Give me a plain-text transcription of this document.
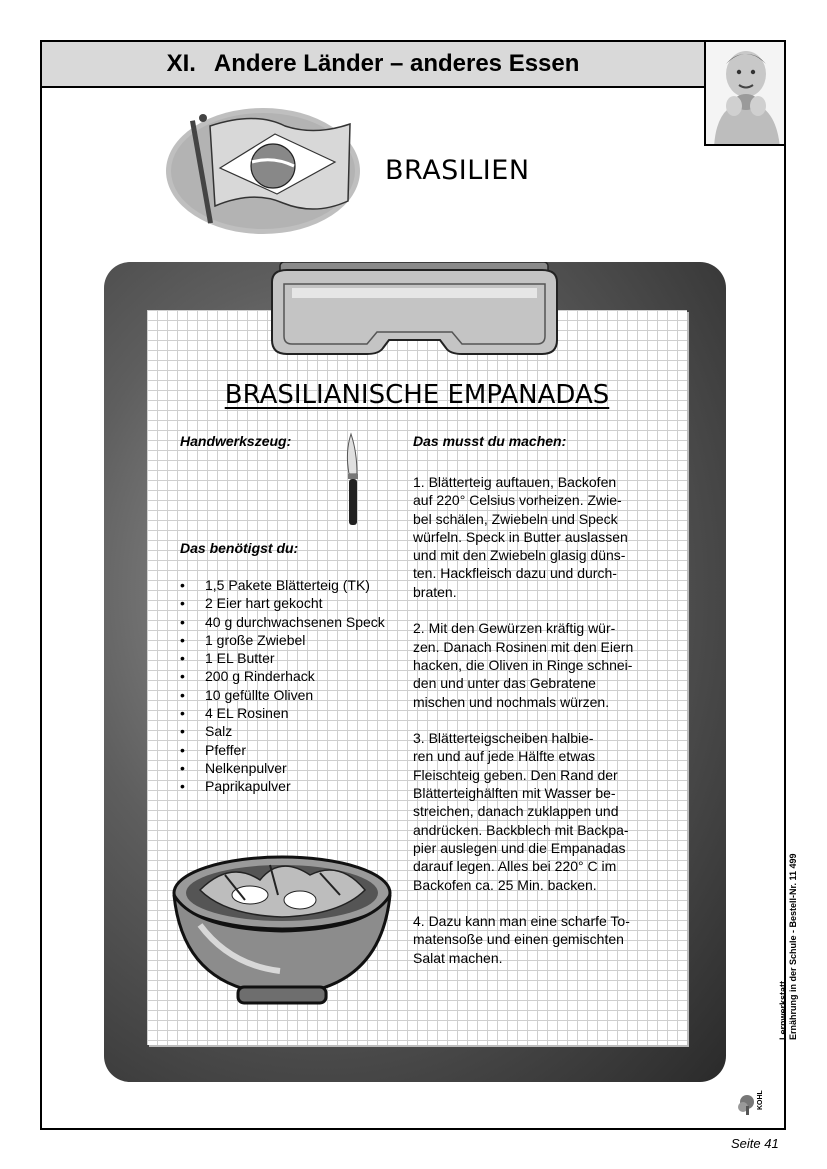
XI. Andere Länder – anderes Essen
BRASILIEN
BRASILIANISCHE EMPANADAS
Handwerkszeug:
Das benötigst du:
• 1,5 Pakete Blätterteig (TK)
• 2 Eier hart gekocht
• 40 g durchwachsenen Speck
• 1 große Zwiebel
• 1 EL Butter
• 200 g Rinderhack
• 10 gefüllte Oliven
• 4 EL Rosinen
• Salz
• Pfeffer
• Nelkenpulver
• Paprikapulver
Das musst du machen:

1. Blätterteig auftauen, Backofen
auf 220° Celsius vorheizen. Zwie-
bel schälen, Zwiebeln und Speck
würfeln. Speck in Butter auslassen
und mit den Zwiebeln glasig düns-
ten. Hackfleisch dazu und durch-
braten.

2. Mit den Gewürzen kräftig wür-
zen. Danach Rosinen mit den Eiern
hacken, die Oliven in Ringe schnei-
den und unter das Gebratene
mischen und nochmals würzen.

3. Blätterteigscheiben halbie-
ren und auf jede Hälfte etwas
Fleischteig geben. Den Rand der
Blätterteighälften mit Wasser be-
streichen, danach zuklappen und
andrücken. Backblech mit Backpa-
pier auslegen und die Empanadas
darauf legen. Alles bei 220° C im
Backofen ca. 25 Min. backen.

4. Dazu kann man eine scharfe To-
matensoße und einen gemischten
Salat machen.

Lernwerkstatt Ernährung in der Schule - Bestell-Nr. 11 499
KOHL
Seite 41
